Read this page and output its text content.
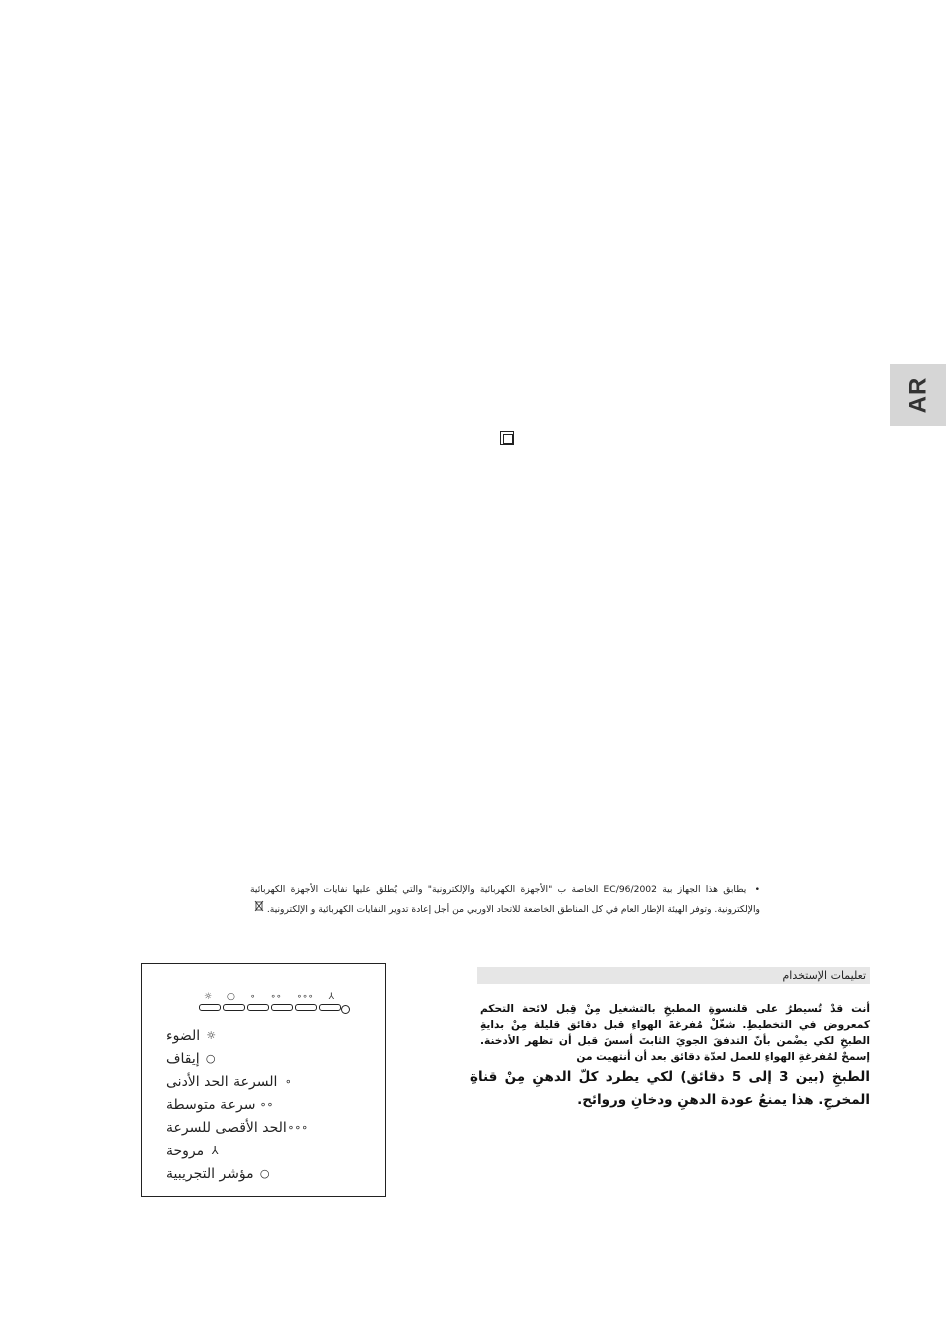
AR
• يطابق هذا الجهاز بية EC/96/2002 الخاصة ب "الأجهزة الكهربائية والإلكترونية" والتي يُطلق عليها نفايات الأجهزة الكهربائية والإلكترونية. وتوفر الهيئة الإطار العام في كل المناطق الخاضعة للاتحاد الاوربي من أجل إعادة تدوير النفايات الكهربائية و الإلكترونية.
☼ ○ ∘ ∘∘ ∘∘∘ ⅄
☼
الضوء
○
إيقاف
∘
السرعة الحد الأدنى
∘∘
سرعة متوسطة
∘∘∘
الحد الأقصى للسرعة
⅄
مروحة
○
مؤشر التجريبية
تعليمات الإستخدام
أنت قدْ تُسيطرُ على قلنسوةِ المطبخِ بالتشغيل مِنْ قِبل لائحة التحكم كمعروض في التخطيطِ. شغّلْ مُفرغةَ الهواءِ قبل دقائق قليلة مِنْ بدايةِ الطبخِ لكي يضْمن بأنّ التدفقَ الجويَ الثابتَ أسسَ قبل أن تظهر الأدخنة. إسمحْ لمُفرغةِ الهواءِ للعمل لعدّة دقائق بعد أن أنتهيت من
الطبخِ (بين 3 إلى 5 دقائق) لكي يطرد كلّ الدهنِ مِنْ قناةِ المخرجِ. هذا يمنعُ عودة الدهنِ ودخانِ وروائح.
